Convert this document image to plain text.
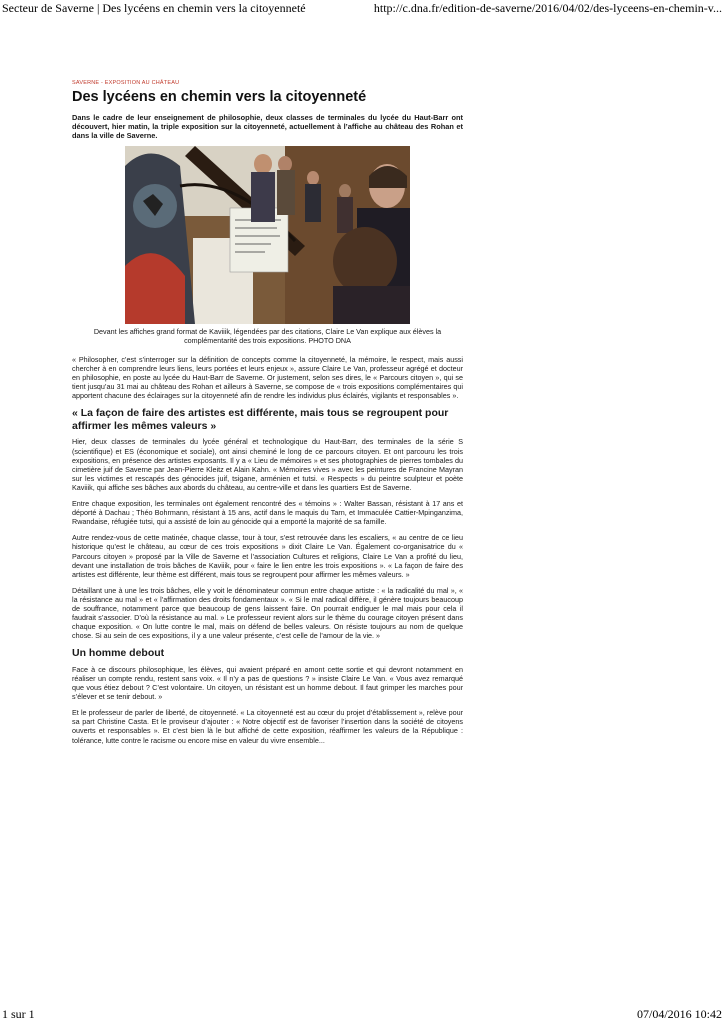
Secteur de Saverne | Des lycéens en chemin vers la citoyenneté	http://c.dna.fr/edition-de-saverne/2016/04/02/des-lyceens-en-chemin-v...
SAVERNE - EXPOSITION AU CHÂTEAU
Des lycéens en chemin vers la citoyenneté

Dans le cadre de leur enseignement de philosophie, deux classes de terminales du lycée du Haut-Barr ont découvert, hier matin, la triple exposition sur la citoyenneté, actuellement à l’affiche au château des Rohan et dans la ville de Saverne.

Devant les affiches grand format de Kaviiik, légendées par des citations, Claire Le Van explique aux élèves la complémentarité des trois expositions. PHOTO DNA

« Philosopher, c’est s’interroger sur la définition de concepts comme la citoyenneté, la mémoire, le respect, mais aussi chercher à en comprendre leurs liens, leurs portées et leurs enjeux », assure Claire Le Van, professeur agrégé et docteur en philosophie, en poste au lycée du Haut-Barr de Saverne. Or justement, selon ses dires, le « Parcours citoyen », qui se tient jusqu’au 31 mai au château des Rohan et ailleurs à Saverne, se compose de « trois expositions complémentaires qui apportent chacune des éclairages sur la citoyenneté afin de rendre les individus plus éclairés, vigilants et responsables ».

« La façon de faire des artistes est différente, mais tous se regroupent pour affirmer les mêmes valeurs »

Hier, deux classes de terminales du lycée général et technologique du Haut-Barr, des terminales de la série S (scientifique) et ES (économique et sociale), ont ainsi cheminé le long de ce parcours citoyen. Et ont parcouru les trois expositions, en présence des artistes exposants. Il y a « Lieu de mémoires » et ses photographies de pierres tombales du cimetière juif de Saverne par Jean-Pierre Kleitz et Alain Kahn. « Mémoires vives » avec les peintures de Francine Mayran sur les victimes et rescapés des génocides juif, tsigane, arménien et tutsi. « Respects » du peintre sculpteur et poète Kaviiik, qui affiche ses bâches aux abords du château, au centre-ville et dans les quartiers Est de Saverne.

Entre chaque exposition, les terminales ont également rencontré des « témoins » : Walter Bassan, résistant à 17 ans et déporté à Dachau ; Théo Bohrmann, résistant à 15 ans, actif dans le maquis du Tarn, et Immaculée Cattier-Mpinganzima, Rwandaise, réfugiée tutsi, qui a assisté de loin au génocide qui a emporté la majorité de sa famille.

Autre rendez-vous de cette matinée, chaque classe, tour à tour, s’est retrouvée dans les escaliers, « au centre de ce lieu historique qu’est le château, au cœur de ces trois expositions » dixit Claire Le Van. Également co-organisatrice du « Parcours citoyen » proposé par la Ville de Saverne et l’association Cultures et religions, Claire Le Van a profité du lieu, devant une installation de trois bâches de Kaviiik, pour « faire le lien entre les trois expositions ». « La façon de faire des artistes est différente, leur thème est différent, mais tous se regroupent pour affirmer les mêmes valeurs. »

Détaillant une à une les trois bâches, elle y voit le dénominateur commun entre chaque artiste : « la radicalité du mal », « la résistance au mal » et « l’affirmation des droits fondamentaux ». « Si le mal radical diffère, il génère toujours beaucoup de souffrance, notamment parce que beaucoup de gens laissent faire. On pourrait endiguer le mal mais pour cela il faudrait s’associer. D’où la résistance au mal. » Le professeur revient alors sur le thème du courage citoyen présent dans chaque exposition. « On lutte contre le mal, mais on défend de belles valeurs. On résiste toujours au nom de quelque chose. Si au sein de ces expositions, il y a une valeur présente, c’est celle de l’amour de la vie. »

Un homme debout

Face à ce discours philosophique, les élèves, qui avaient préparé en amont cette sortie et qui devront notamment en réaliser un compte rendu, restent sans voix. « Il n’y a pas de questions ? » insiste Claire Le Van. « Vous avez remarqué que vous étiez debout ? C’est volontaire. Un citoyen, un résistant est un homme debout. Il faut grimper les marches pour s’élever et se tenir debout. »

Et le professeur de parler de liberté, de citoyenneté. « La citoyenneté est au cœur du projet d’établissement », relève pour sa part Christine Casta. Et le proviseur d’ajouter : « Notre objectif est de favoriser l’insertion dans la société de citoyens ouverts et responsables ». Et c’est bien là le but affiché de cette exposition, réaffirmer les valeurs de la République : tolérance, lutte contre le racisme ou encore mise en valeur du vivre ensemble...

1 sur 1	07/04/2016 10:42
